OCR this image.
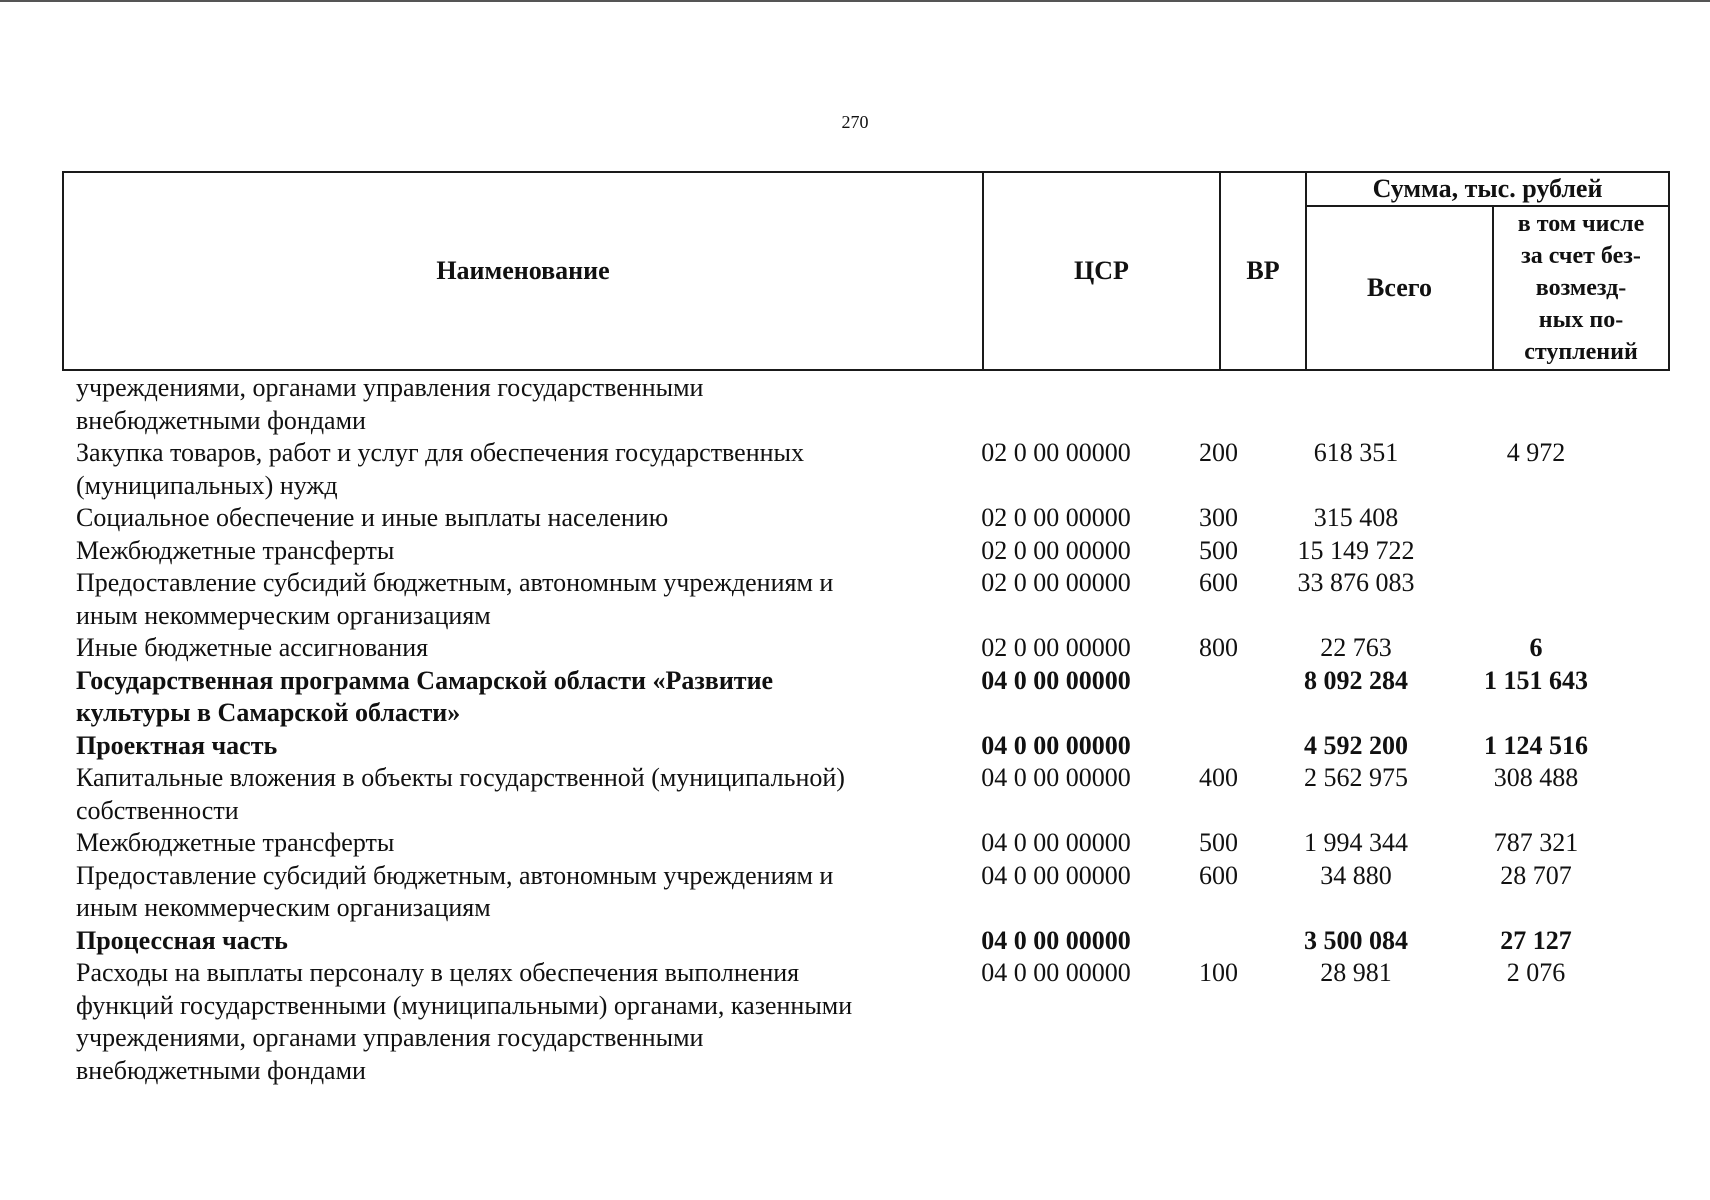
270
Наименование	ЦСР	ВР	Сумма, тыс. рублей	
			Всего	в том числе
за счет без-
возмезд-
ных по-
ступлений
учреждениями, органами управления государственными
внебюджетными фондами
Закупка товаров, работ и услуг для обеспечения государственных
(муниципальных) нужд
02 0 00 00000	200	618 351	4 972
Социальное обеспечение и иные выплаты населению	02 0 00 00000	300	315 408
Межбюджетные трансферты	02 0 00 00000	500	15 149 722
Предоставление субсидий бюджетным, автономным учреждениям и
иным некоммерческим организациям
02 0 00 00000	600	33 876 083
Иные бюджетные ассигнования	02 0 00 00000	800	22 763	6
Государственная программа Самарской области «Развитие
культуры в Самарской области»
04 0 00 00000	8 092 284	1 151 643
Проектная часть	04 0 00 00000	4 592 200	1 124 516
Капитальные вложения в объекты государственной (муниципальной)
собственности
04 0 00 00000	400	2 562 975	308 488
Межбюджетные трансферты	04 0 00 00000	500	1 994 344	787 321
Предоставление субсидий бюджетным, автономным учреждениям и
иным некоммерческим организациям
04 0 00 00000	600	34 880	28 707
Процессная часть	04 0 00 00000	3 500 084	27 127
Расходы на выплаты персоналу в целях обеспечения выполнения
функций государственными (муниципальными) органами, казенными
учреждениями, органами управления государственными
внебюджетными фондами
04 0 00 00000	100	28 981	2 076
